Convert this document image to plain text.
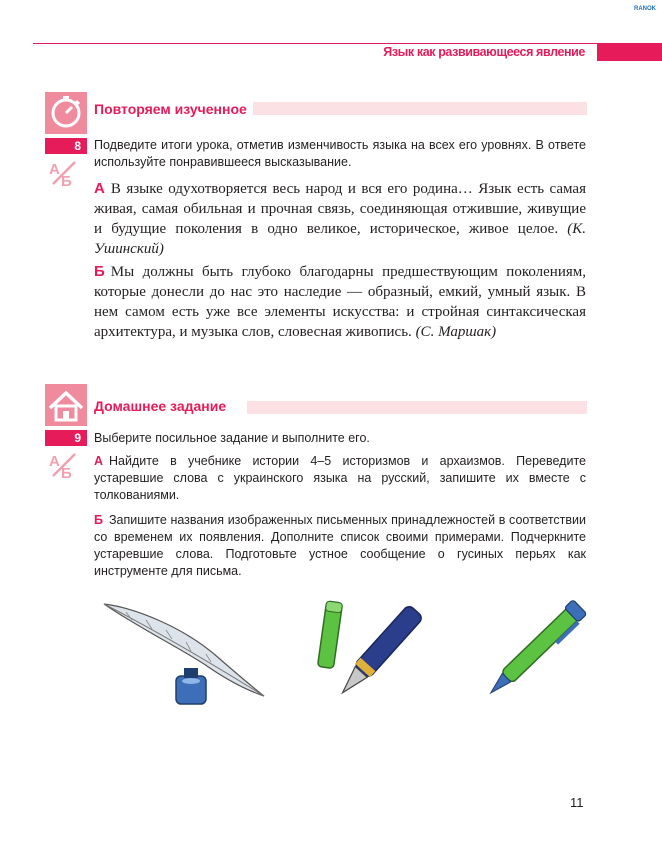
RANOK
Язык как развивающееся явление
Повторяем изученное
8
А
Б
Подведите итоги урока, отметив изменчивость языка на всех его уровнях. В ответе используйте понравившееся высказывание.
А В языке одухотворяется весь народ и вся его родина… Язык есть самая живая, самая обильная и прочная связь, соединяющая отжившие, живущие и будущие поколения в одно великое, историческое, живое целое. (К. Ушинский)
Б Мы должны быть глубоко благодарны предшествующим поколениям, которые донесли до нас это наследие — образный, емкий, умный язык. В нем самом есть уже все элементы искусства: и стройная синтаксическая архитектура, и музыка слов, словесная живопись. (С. Маршак)
Домашнее задание
9
А
Б
Выберите посильное задание и выполните его.
А Найдите в учебнике истории 4–5 историзмов и архаизмов. Переведите устаревшие слова с украинского языка на русский, запишите их вместе с толкованиями.
Б Запишите названия изображенных письменных принадлежностей в соответствии со временем их появления. Дополните список своими примерами. Подчеркните устаревшие слова. Подготовьте устное сообщение о гусиных перьях как инструменте для письма.
11
